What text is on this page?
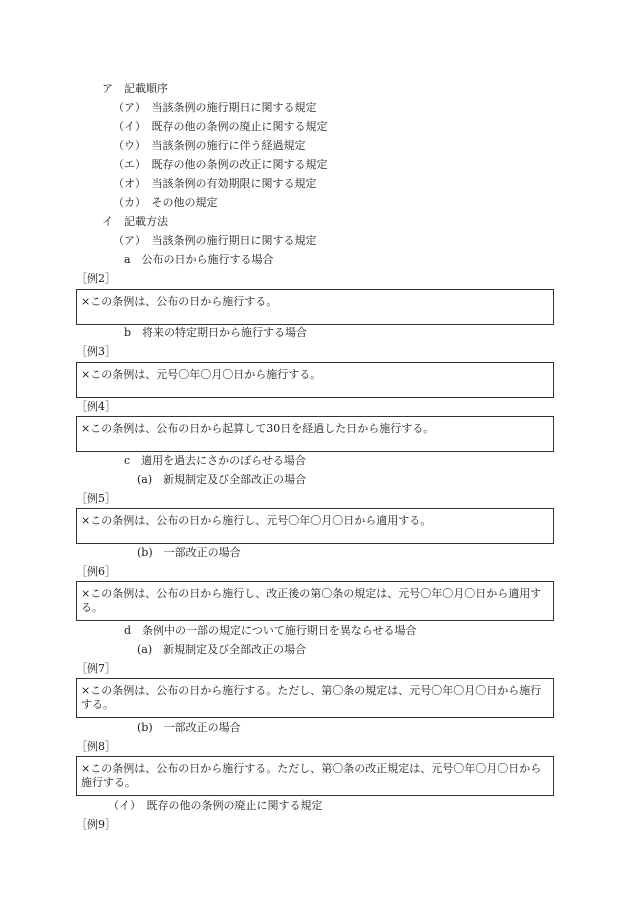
ア　記載順序
（ア）　当該条例の施行期日に関する規定
（イ）　既存の他の条例の廃止に関する規定
（ウ）　当該条例の施行に伴う経過規定
（エ）　既存の他の条例の改正に関する規定
（オ）　当該条例の有効期限に関する規定
（カ）　その他の規定
イ　記載方法
（ア）　当該条例の施行期日に関する規定
a　公布の日から施行する場合
［例2］
×この条例は、公布の日から施行する。
b　将来の特定期日から施行する場合
［例3］
×この条例は、元号〇年〇月〇日から施行する。
［例4］
×この条例は、公布の日から起算して30日を経過した日から施行する。
c　適用を過去にさかのぼらせる場合
(a)　新規制定及び全部改正の場合
［例5］
×この条例は、公布の日から施行し、元号〇年〇月〇日から適用する。
(b)　一部改正の場合
［例6］
×この条例は、公布の日から施行し、改正後の第〇条の規定は、元号〇年〇月〇日から適用する。
d　条例中の一部の規定について施行期日を異ならせる場合
(a)　新規制定及び全部改正の場合
［例7］
×この条例は、公布の日から施行する。ただし、第〇条の規定は、元号〇年〇月〇日から施行する。
(b)　一部改正の場合
［例8］
×この条例は、公布の日から施行する。ただし、第〇条の改正規定は、元号〇年〇月〇日から施行する。
（イ）　既存の他の条例の廃止に関する規定
［例9］
